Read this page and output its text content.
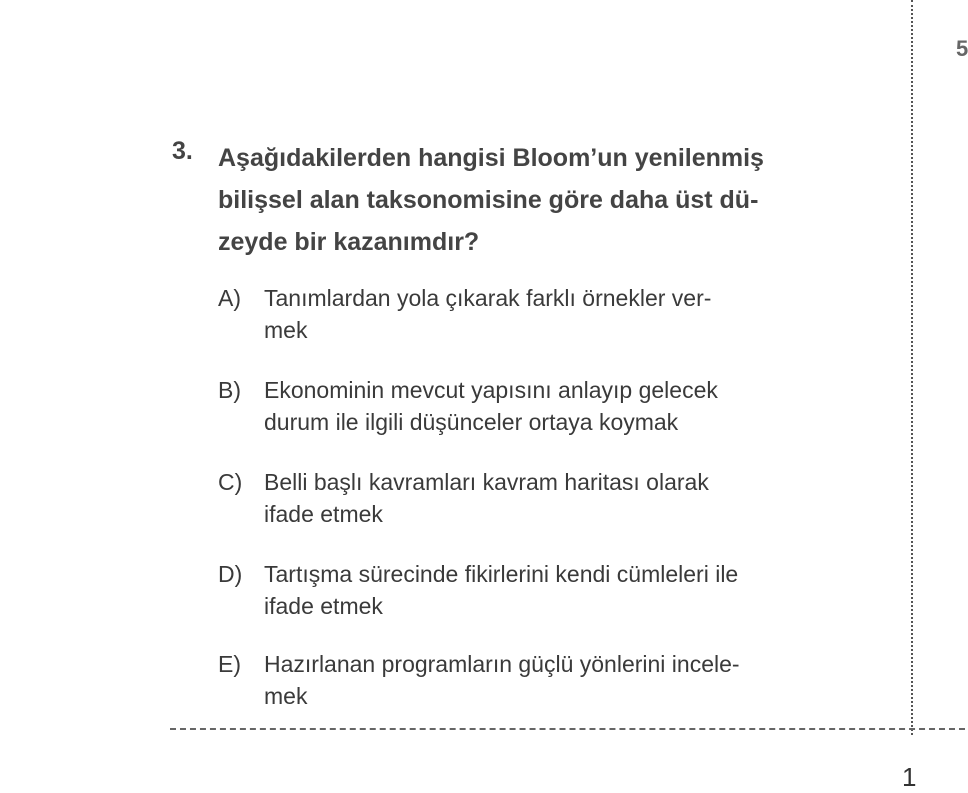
5
3. Aşağıdakilerden hangisi Bloom’un yenilenmiş
bilişsel alan taksonomisine göre daha üst dü-
zeyde bir kazanımdır?

A) Tanımlardan yola çıkarak farklı örnekler ver-
mek
B) Ekonominin mevcut yapısını anlayıp gelecek
durum ile ilgili düşünceler ortaya koymak
C) Belli başlı kavramları kavram haritası olarak
ifade etmek
D) Tartışma sürecinde fikirlerini kendi cümleleri ile
ifade etmek
E) Hazırlanan programların güçlü yönlerini incele-
mek
1
